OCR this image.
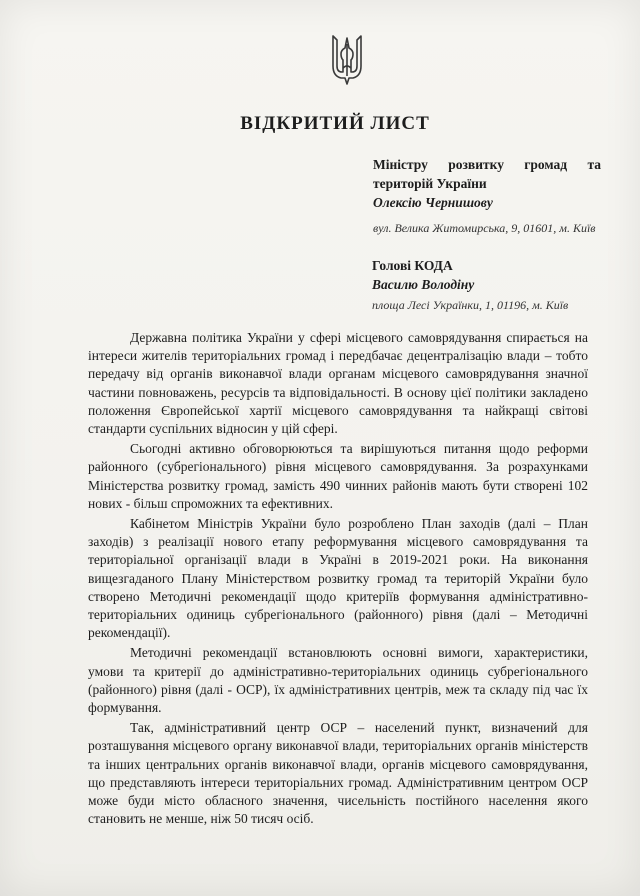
ВІДКРИТИЙ ЛИСТ
Міністру розвитку громад та
територій України
Олексію Чернишову
вул. Велика Житомирська, 9, 01601, м. Київ
Голові КОДА
Василю Володіну
площа Лесі Українки, 1, 01196, м. Київ

Державна політика України у сфері місцевого самоврядування спирається на інтереси жителів територіальних громад і передбачає децентралізацію влади – тобто передачу від органів виконавчої влади органам місцевого самоврядування значної частини повноважень, ресурсів та відповідальності. В основу цієї політики закладено положення Європейської хартії місцевого самоврядування та найкращі світові стандарти суспільних відносин у цій сфері.

Сьогодні активно обговорюються та вирішуються питання щодо реформи районного (субрегіонального) рівня місцевого самоврядування. За розрахунками Міністерства розвитку громад, замість 490 чинних районів мають бути створені 102 нових - більш спроможних та ефективних.

Кабінетом Міністрів України було розроблено План заходів (далі – План заходів) з реалізації нового етапу реформування місцевого самоврядування та територіальної організації влади в Україні в 2019-2021 роки. На виконання вищезгаданого Плану Міністерством розвитку громад та територій України було створено Методичні рекомендації щодо критеріїв формування адміністративно-територіальних одиниць субрегіонального (районного) рівня (далі – Методичні рекомендації).

Методичні рекомендації встановлюють основні вимоги, характеристики, умови та критерії до адміністративно-територіальних одиниць субрегіонального (районного) рівня (далі - ОСР), їх адміністративних центрів, меж та складу під час їх формування.

Так, адміністративний центр ОСР – населений пункт, визначений для розташування місцевого органу виконавчої влади, територіальних органів міністерств та інших центральних органів виконавчої влади, органів місцевого самоврядування, що представляють інтереси територіальних громад. Адміністративним центром ОСР може буди місто обласного значення, чисельність постійного населення якого становить не менше, ніж 50 тисяч осіб.
